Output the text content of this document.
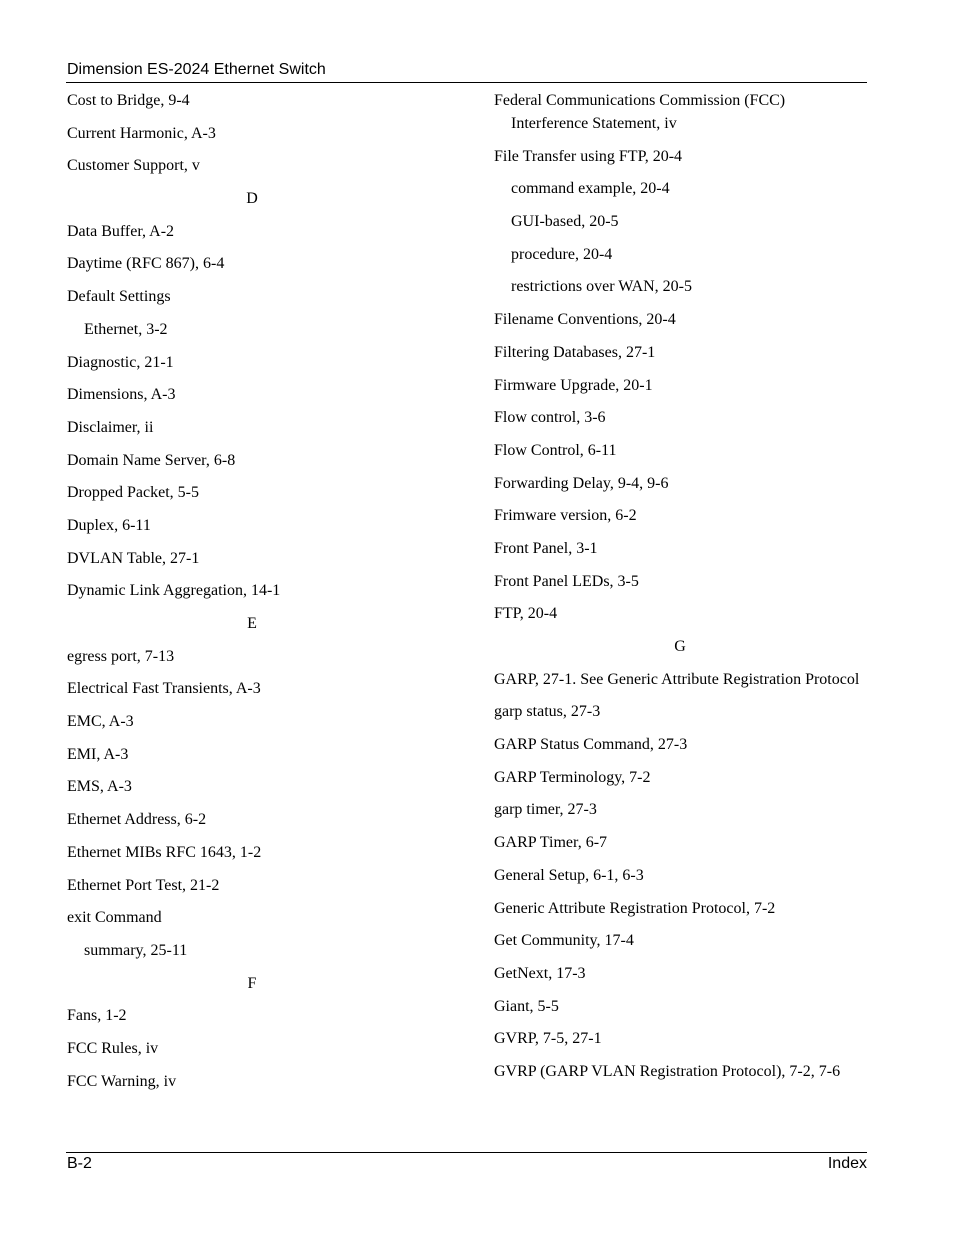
Dimension ES-2024 Ethernet Switch
Cost to Bridge, 9-4
Current Harmonic, A-3
Customer Support, v
D
Data Buffer, A-2
Daytime (RFC 867), 6-4
Default Settings
Ethernet, 3-2
Diagnostic, 21-1
Dimensions, A-3
Disclaimer, ii
Domain Name Server, 6-8
Dropped Packet, 5-5
Duplex, 6-11
DVLAN Table, 27-1
Dynamic Link Aggregation, 14-1
E
egress port, 7-13
Electrical Fast Transients, A-3
EMC, A-3
EMI, A-3
EMS, A-3
Ethernet Address, 6-2
Ethernet MIBs RFC 1643, 1-2
Ethernet Port Test, 21-2
exit Command
summary, 25-11
F
Fans, 1-2
FCC Rules, iv
FCC Warning, iv
Federal Communications Commission (FCC) Interference Statement, iv
File Transfer using FTP, 20-4
command example, 20-4
GUI-based, 20-5
procedure, 20-4
restrictions over WAN, 20-5
Filename Conventions, 20-4
Filtering Databases, 27-1
Firmware Upgrade, 20-1
Flow control, 3-6
Flow Control, 6-11
Forwarding Delay, 9-4, 9-6
Frimware version, 6-2
Front Panel, 3-1
Front Panel LEDs, 3-5
FTP, 20-4
G
GARP, 27-1. See Generic Attribute Registration Protocol
garp status, 27-3
GARP Status Command, 27-3
GARP Terminology, 7-2
garp timer, 27-3
GARP Timer, 6-7
General Setup, 6-1, 6-3
Generic Attribute Registration Protocol, 7-2
Get Community, 17-4
GetNext, 17-3
Giant, 5-5
GVRP, 7-5, 27-1
GVRP (GARP VLAN Registration Protocol), 7-2, 7-6
B-2	Index
